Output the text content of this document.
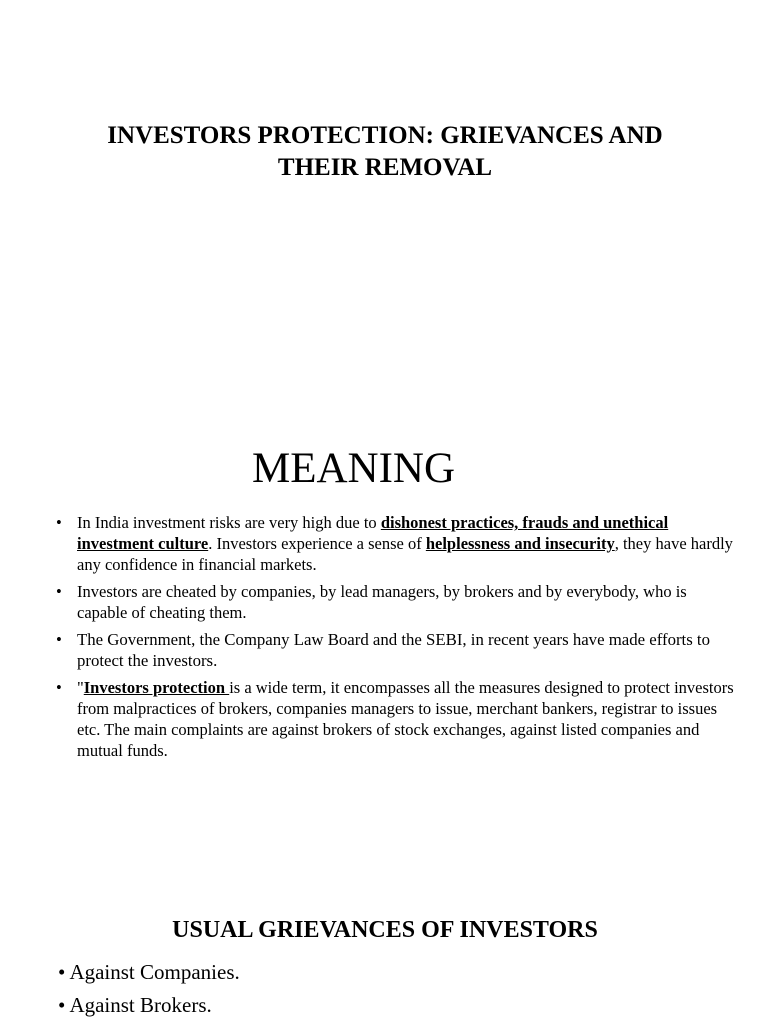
INVESTORS PROTECTION: GRIEVANCES AND
THEIR REMOVAL
MEANING
• In India investment risks are very high due to dishonest practices, frauds and unethical investment culture. Investors experience a sense of helplessness and insecurity, they have hardly any confidence in financial markets.
• Investors are cheated by companies, by lead managers, by brokers and by everybody, who is capable of cheating them.
• The Government, the Company Law Board and the SEBI, in recent years have made efforts to protect the investors.
• "Investors protection is a wide term, it encompasses all the measures designed to protect investors from malpractices of brokers, companies managers to issue, merchant bankers, registrar to issues etc. The main complaints are against brokers of stock exchanges, against listed companies and mutual funds.
USUAL GRIEVANCES OF INVESTORS
• Against Companies.
• Against Brokers.
